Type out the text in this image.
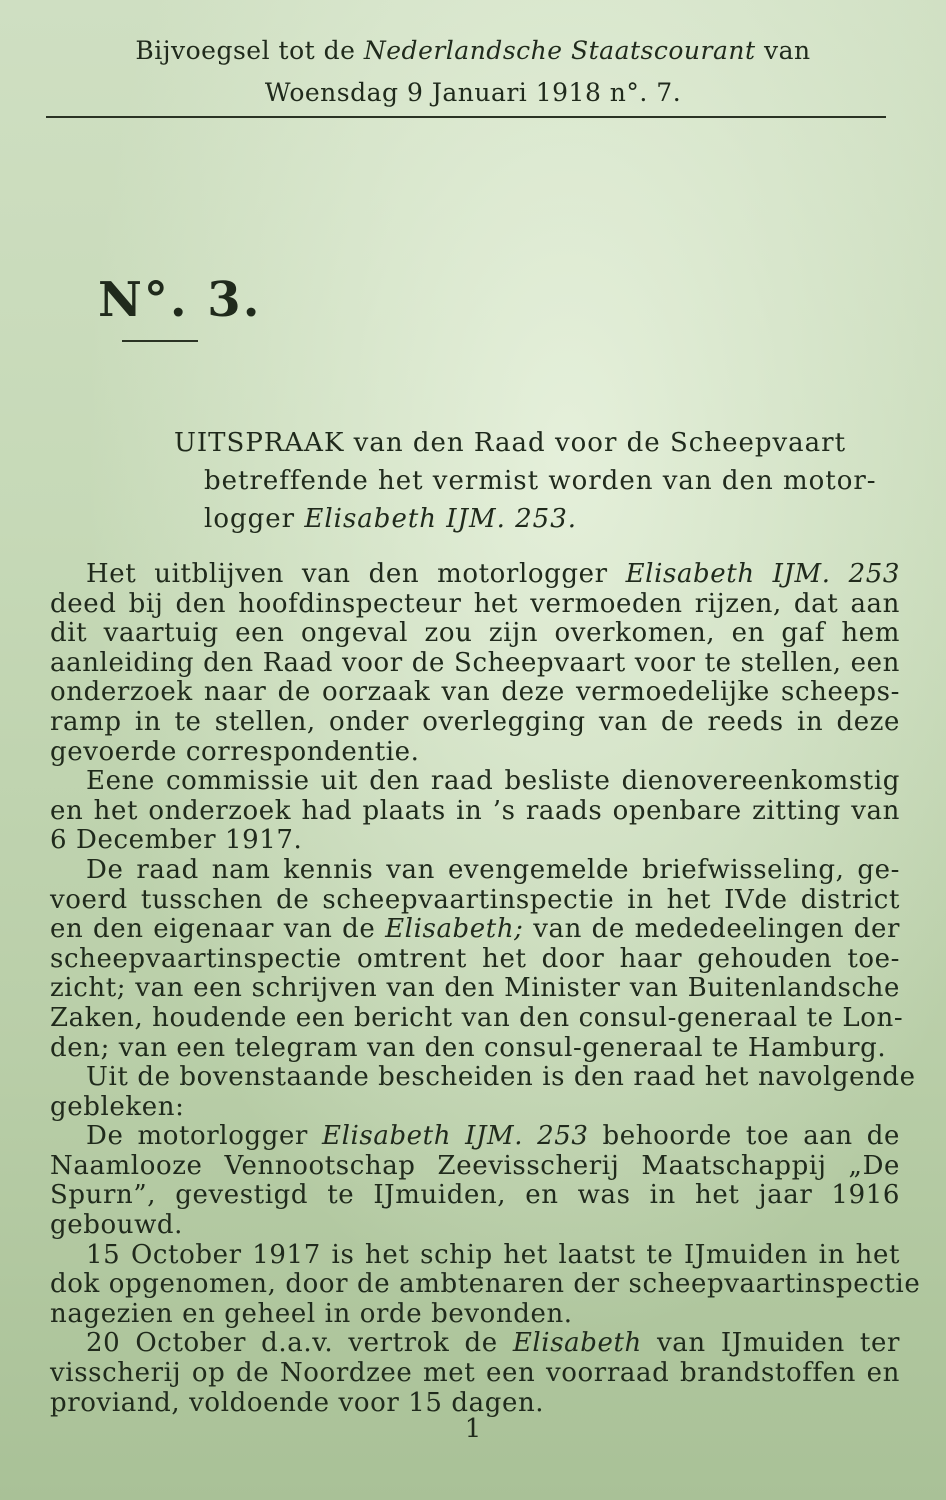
Bijvoegsel tot de Nederlandsche Staatscourant van
Woensdag 9 Januari 1918 n°. 7.
N°. 3.
UITSPRAAK van den Raad voor de Scheepvaart
betreffende het vermist worden van den motor-
logger Elisabeth IJM. 253.
Het uitblijven van den motorlogger Elisabeth IJM. 253
deed bij den hoofdinspecteur het vermoeden rijzen, dat aan
dit vaartuig een ongeval zou zijn overkomen, en gaf hem
aanleiding den Raad voor de Scheepvaart voor te stellen, een
onderzoek naar de oorzaak van deze vermoedelijke scheeps-
ramp in te stellen, onder overlegging van de reeds in deze
gevoerde correspondentie.
Eene commissie uit den raad besliste dienovereenkomstig
en het onderzoek had plaats in ’s raads openbare zitting van
6 December 1917.
De raad nam kennis van evengemelde briefwisseling, ge-
voerd tusschen de scheepvaartinspectie in het IVde district
en den eigenaar van de Elisabeth; van de mededeelingen der
scheepvaartinspectie omtrent het door haar gehouden toe-
zicht; van een schrijven van den Minister van Buitenlandsche
Zaken, houdende een bericht van den consul-generaal te Lon-
den; van een telegram van den consul-generaal te Hamburg.
Uit de bovenstaande bescheiden is den raad het navolgende
gebleken:
De motorlogger Elisabeth IJM. 253 behoorde toe aan de
Naamlooze Vennootschap Zeevisscherij Maatschappij „De
Spurn”, gevestigd te IJmuiden, en was in het jaar 1916
gebouwd.
15 October 1917 is het schip het laatst te IJmuiden in het
dok opgenomen, door de ambtenaren der scheepvaartinspectie
nagezien en geheel in orde bevonden.
20 October d.a.v. vertrok de Elisabeth van IJmuiden ter
visscherij op de Noordzee met een voorraad brandstoffen en
proviand, voldoende voor 15 dagen.
1
